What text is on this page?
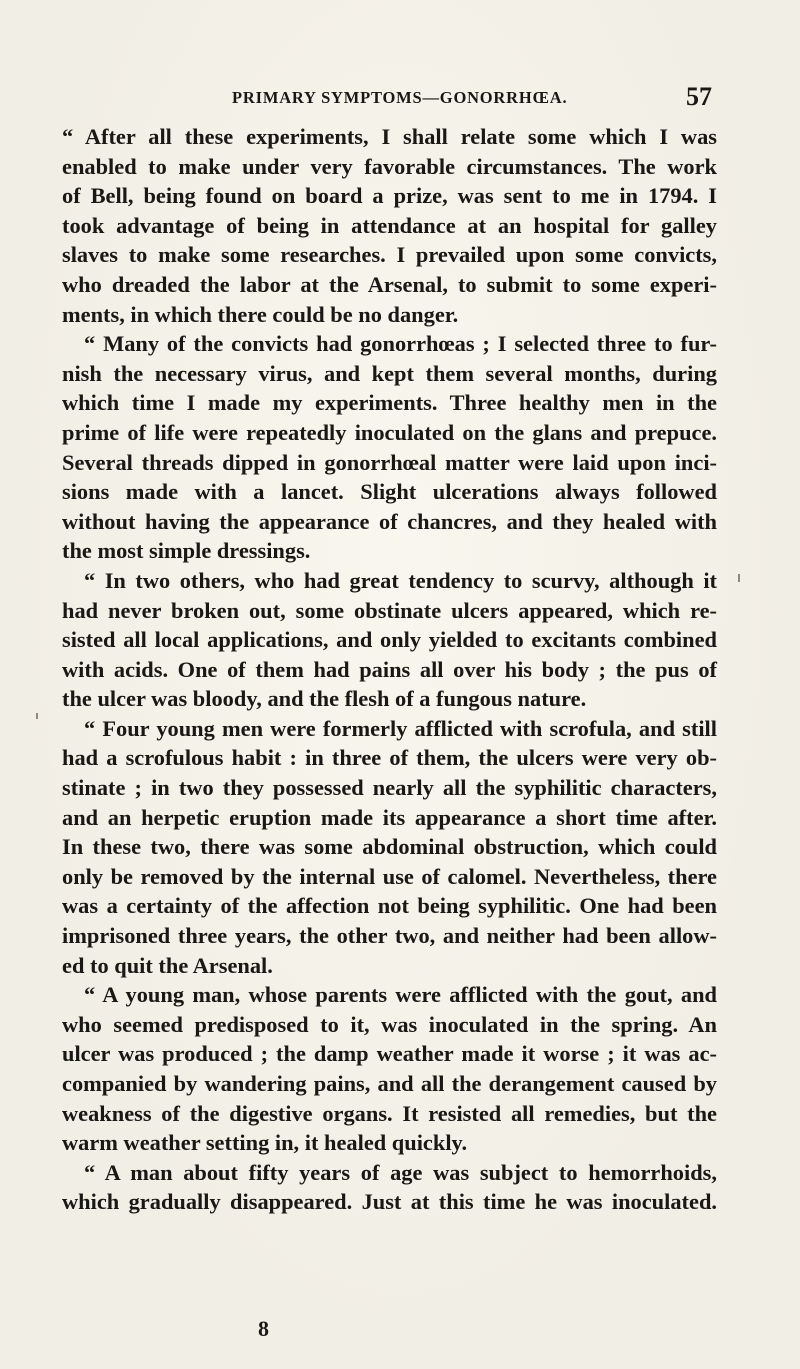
PRIMARY SYMPTOMS—GONORRHŒA.	57
“ After all these experiments, I shall relate some which I was
enabled to make under very favorable circumstances. The work
of Bell, being found on board a prize, was sent to me in 1794. I
took advantage of being in attendance at an hospital for galley
slaves to make some researches. I prevailed upon some convicts,
who dreaded the labor at the Arsenal, to submit to some experi-
ments, in which there could be no danger.
“ Many of the convicts had gonorrhœas ; I selected three to fur-
nish the necessary virus, and kept them several months, during
which time I made my experiments. Three healthy men in the
prime of life were repeatedly inoculated on the glans and prepuce.
Several threads dipped in gonorrhœal matter were laid upon inci-
sions made with a lancet. Slight ulcerations always followed
without having the appearance of chancres, and they healed with
the most simple dressings.
“ In two others, who had great tendency to scurvy, although it
had never broken out, some obstinate ulcers appeared, which re-
sisted all local applications, and only yielded to excitants combined
with acids. One of them had pains all over his body ; the pus of
the ulcer was bloody, and the flesh of a fungous nature.
“ Four young men were formerly afflicted with scrofula, and still
had a scrofulous habit : in three of them, the ulcers were very ob-
stinate ; in two they possessed nearly all the syphilitic characters,
and an herpetic eruption made its appearance a short time after.
In these two, there was some abdominal obstruction, which could
only be removed by the internal use of calomel. Nevertheless, there
was a certainty of the affection not being syphilitic. One had been
imprisoned three years, the other two, and neither had been allow-
ed to quit the Arsenal.
“ A young man, whose parents were afflicted with the gout, and
who seemed predisposed to it, was inoculated in the spring. An
ulcer was produced ; the damp weather made it worse ; it was ac-
companied by wandering pains, and all the derangement caused by
weakness of the digestive organs. It resisted all remedies, but the
warm weather setting in, it healed quickly.
“ A man about fifty years of age was subject to hemorrhoids,
which gradually disappeared. Just at this time he was inoculated.
8
